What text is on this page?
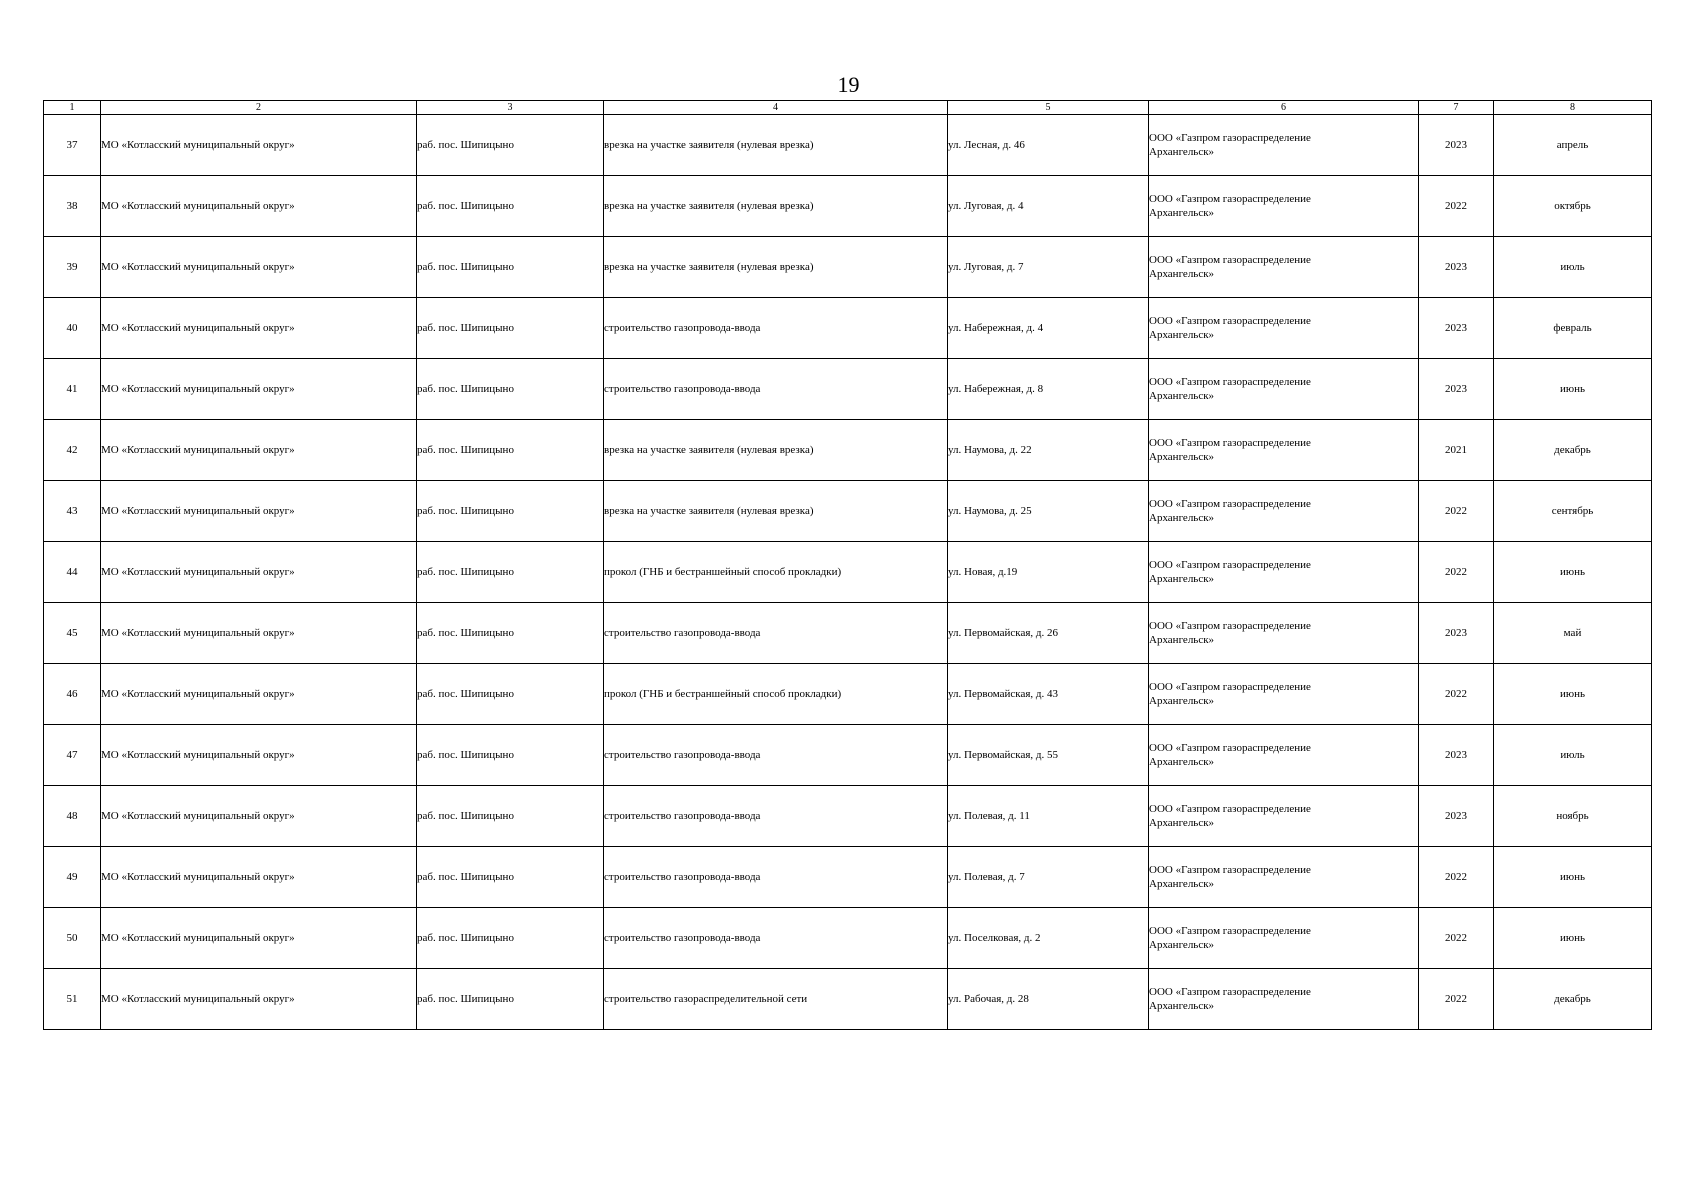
19
1	2	3	4	5	6	7	8
37	МО «Котласский муниципальный округ»	раб. пос. Шипицыно	врезка на участке заявителя (нулевая врезка)	ул. Лесная, д. 46	ООО «Газпром газораспределение
Архангельск»	2023	апрель
38	МО «Котласский муниципальный округ»	раб. пос. Шипицыно	врезка на участке заявителя (нулевая врезка)	ул. Луговая, д. 4	ООО «Газпром газораспределение
Архангельск»	2022	октябрь
39	МО «Котласский муниципальный округ»	раб. пос. Шипицыно	врезка на участке заявителя (нулевая врезка)	ул. Луговая, д. 7	ООО «Газпром газораспределение
Архангельск»	2023	июль
40	МО «Котласский муниципальный округ»	раб. пос. Шипицыно	строительство газопровода-ввода	ул. Набережная, д. 4	ООО «Газпром газораспределение
Архангельск»	2023	февраль
41	МО «Котласский муниципальный округ»	раб. пос. Шипицыно	строительство газопровода-ввода	ул. Набережная, д. 8	ООО «Газпром газораспределение
Архангельск»	2023	июнь
42	МО «Котласский муниципальный округ»	раб. пос. Шипицыно	врезка на участке заявителя (нулевая врезка)	ул. Наумова, д. 22	ООО «Газпром газораспределение
Архангельск»	2021	декабрь
43	МО «Котласский муниципальный округ»	раб. пос. Шипицыно	врезка на участке заявителя (нулевая врезка)	ул. Наумова, д. 25	ООО «Газпром газораспределение
Архангельск»	2022	сентябрь
44	МО «Котласский муниципальный округ»	раб. пос. Шипицыно	прокол (ГНБ и бестраншейный способ прокладки)	ул. Новая, д.19	ООО «Газпром газораспределение
Архангельск»	2022	июнь
45	МО «Котласский муниципальный округ»	раб. пос. Шипицыно	строительство газопровода-ввода	ул. Первомайская, д. 26	ООО «Газпром газораспределение
Архангельск»	2023	май
46	МО «Котласский муниципальный округ»	раб. пос. Шипицыно	прокол (ГНБ и бестраншейный способ прокладки)	ул. Первомайская, д. 43	ООО «Газпром газораспределение
Архангельск»	2022	июнь
47	МО «Котласский муниципальный округ»	раб. пос. Шипицыно	строительство газопровода-ввода	ул. Первомайская, д. 55	ООО «Газпром газораспределение
Архангельск»	2023	июль
48	МО «Котласский муниципальный округ»	раб. пос. Шипицыно	строительство газопровода-ввода	ул. Полевая, д. 11	ООО «Газпром газораспределение
Архангельск»	2023	ноябрь
49	МО «Котласский муниципальный округ»	раб. пос. Шипицыно	строительство газопровода-ввода	ул. Полевая, д. 7	ООО «Газпром газораспределение
Архангельск»	2022	июнь
50	МО «Котласский муниципальный округ»	раб. пос. Шипицыно	строительство газопровода-ввода	ул. Поселковая, д. 2	ООО «Газпром газораспределение
Архангельск»	2022	июнь
51	МО «Котласский муниципальный округ»	раб. пос. Шипицыно	строительство газораспределительной сети	ул. Рабочая, д. 28	ООО «Газпром газораспределение
Архангельск»	2022	декабрь
